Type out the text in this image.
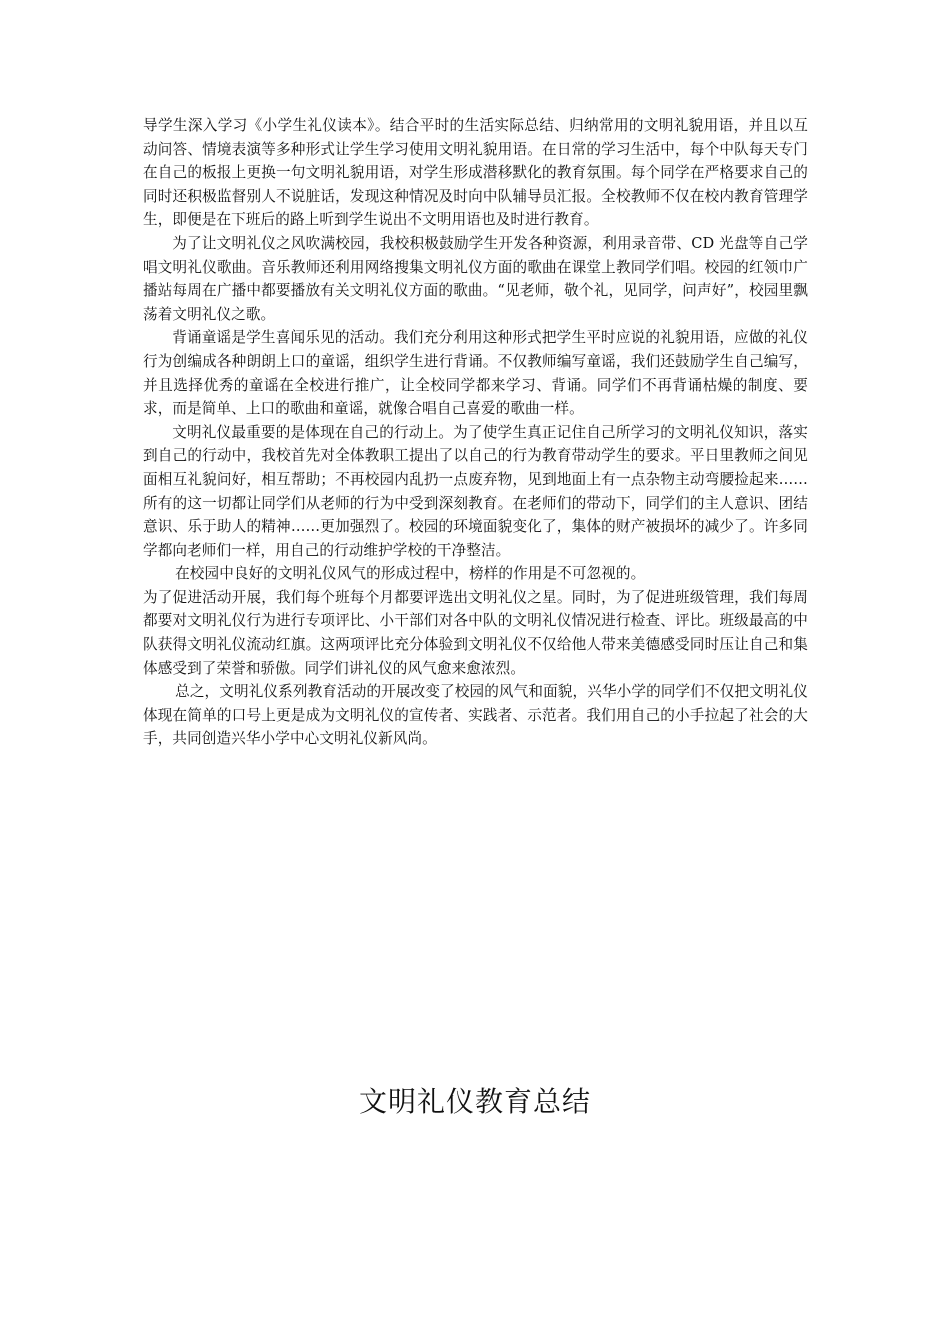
导学生深入学习《小学生礼仪读本》。结合平时的生活实际总结、归纳常用的文明礼貌用语，并且以互动问答、情境表演等多种形式让学生学习使用文明礼貌用语。在日常的学习生活中，每个中队每天专门在自己的板报上更换一句文明礼貌用语，对学生形成潜移默化的教育氛围。每个同学在严格要求自己的同时还积极监督别人不说脏话，发现这种情况及时向中队辅导员汇报。全校教师不仅在校内教育管理学生，即便是在下班后的路上听到学生说出不文明用语也及时进行教育。

为了让文明礼仪之风吹满校园，我校积极鼓励学生开发各种资源，利用录音带、CD 光盘等自己学唱文明礼仪歌曲。音乐教师还利用网络搜集文明礼仪方面的歌曲在课堂上教同学们唱。校园的红领巾广播站每周在广播中都要播放有关文明礼仪方面的歌曲。“见老师，敬个礼，见同学，问声好”，校园里飘荡着文明礼仪之歌。

背诵童谣是学生喜闻乐见的活动。我们充分利用这种形式把学生平时应说的礼貌用语，应做的礼仪行为创编成各种朗朗上口的童谣，组织学生进行背诵。不仅教师编写童谣，我们还鼓励学生自己编写，并且选择优秀的童谣在全校进行推广，让全校同学都来学习、背诵。同学们不再背诵枯燥的制度、要求，而是简单、上口的歌曲和童谣，就像合唱自己喜爱的歌曲一样。

文明礼仪最重要的是体现在自己的行动上。为了使学生真正记住自己所学习的文明礼仪知识，落实到自己的行动中，我校首先对全体教职工提出了以自己的行为教育带动学生的要求。平日里教师之间见面相互礼貌问好，相互帮助；不再校园内乱扔一点废弃物，见到地面上有一点杂物主动弯腰捡起来……所有的这一切都让同学们从老师的行为中受到深刻教育。在老师们的带动下，同学们的主人意识、团结意识、乐于助人的精神……更加强烈了。校园的环境面貌变化了，集体的财产被损坏的减少了。许多同学都向老师们一样，用自己的行动维护学校的干净整洁。

在校园中良好的文明礼仪风气的形成过程中，榜样的作用是不可忽视的。

为了促进活动开展，我们每个班每个月都要评选出文明礼仪之星。同时，为了促进班级管理，我们每周都要对文明礼仪行为进行专项评比、小干部们对各中队的文明礼仪情况进行检查、评比。班级最高的中队获得文明礼仪流动红旗。这两项评比充分体验到文明礼仪不仅给他人带来美德感受同时压让自己和集体感受到了荣誉和骄傲。同学们讲礼仪的风气愈来愈浓烈。

总之，文明礼仪系列教育活动的开展改变了校园的风气和面貌，兴华小学的同学们不仅把文明礼仪体现在简单的口号上更是成为文明礼仪的宣传者、实践者、示范者。我们用自己的小手拉起了社会的大手，共同创造兴华小学中心文明礼仪新风尚。

文明礼仪教育总结
